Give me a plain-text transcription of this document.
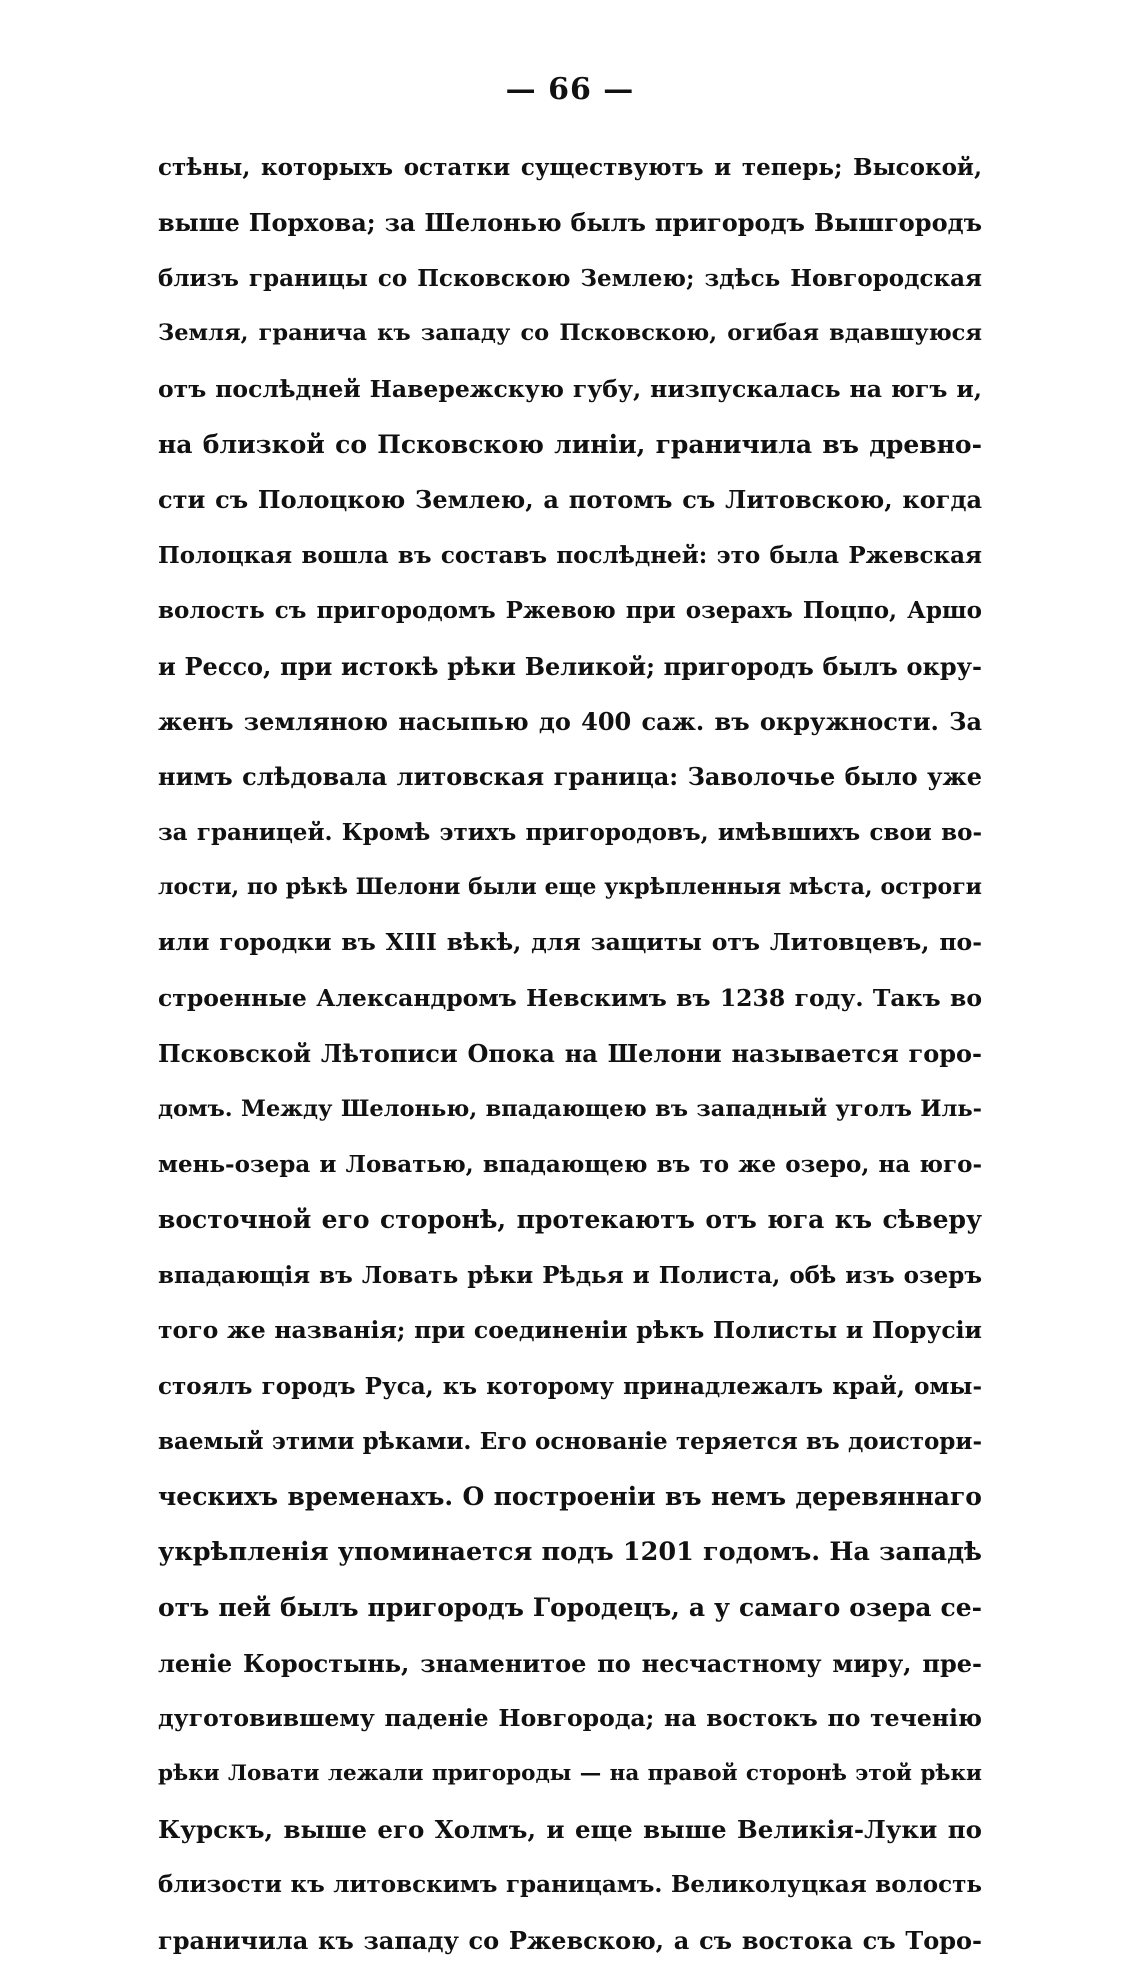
— 66 —
стѣны, которыхъ остатки существуютъ и теперь; Высокой,
выше Порхова; за Шелонью былъ пригородъ Вышгородъ
близъ границы со Псковскою Землею; здѣсь Новгородская
Земля, гранича къ западу со Псковскою, огибая вдавшуюся
отъ послѣдней Навережскую губу, низпускалась на югъ и,
на близкой со Псковскою линіи, граничила въ древно-
сти съ Полоцкою Землею, а потомъ съ Литовскою, когда
Полоцкая вошла въ составъ послѣдней: это была Ржевская
волость съ пригородомъ Ржевою при озерахъ Поцпо, Аршо
и Рессо, при истокѣ рѣки Великой; пригородъ былъ окру-
женъ земляною насыпью до 400 саж. въ окружности. За
нимъ слѣдовала литовская граница: Заволочье было уже
за границей. Кромѣ этихъ пригородовъ, имѣвшихъ свои во-
лости, по рѣкѣ Шелони были еще укрѣпленныя мѣста, остроги
или городки въ XIII вѣкѣ, для защиты отъ Литовцевъ, по-
строенные Александромъ Невскимъ въ 1238 году. Такъ во
Псковской Лѣтописи Опока на Шелони называется горо-
домъ. Между Шелонью, впадающею въ западный уголъ Иль-
мень-озера и Ловатью, впадающею въ то же озеро, на юго-
восточной его сторонѣ, протекаютъ отъ юга къ сѣверу
впадающія въ Ловать рѣки Рѣдья и Полиста, обѣ изъ озеръ
того же названія; при соединеніи рѣкъ Полисты и Порусіи
стоялъ городъ Руса, къ которому принадлежалъ край, омы-
ваемый этими рѣками. Его основаніе теряется въ доистори-
ческихъ временахъ. О построеніи въ немъ деревяннаго
укрѣпленія упоминается подъ 1201 годомъ. На западѣ
отъ пей былъ пригородъ Городецъ, а у самаго озера се-
леніе Коростынь, знаменитое по несчастному миру, пре-
дуготовившему паденіе Новгорода; на востокъ по теченію
рѣки Ловати лежали пригороды — на правой сторонѣ этой рѣки
Курскъ, выше его Холмъ, и еще выше Великія-Луки по
близости къ литовскимъ границамъ. Великолуцкая волость
граничила къ западу со Ржевскою, а съ востока съ Торо-
